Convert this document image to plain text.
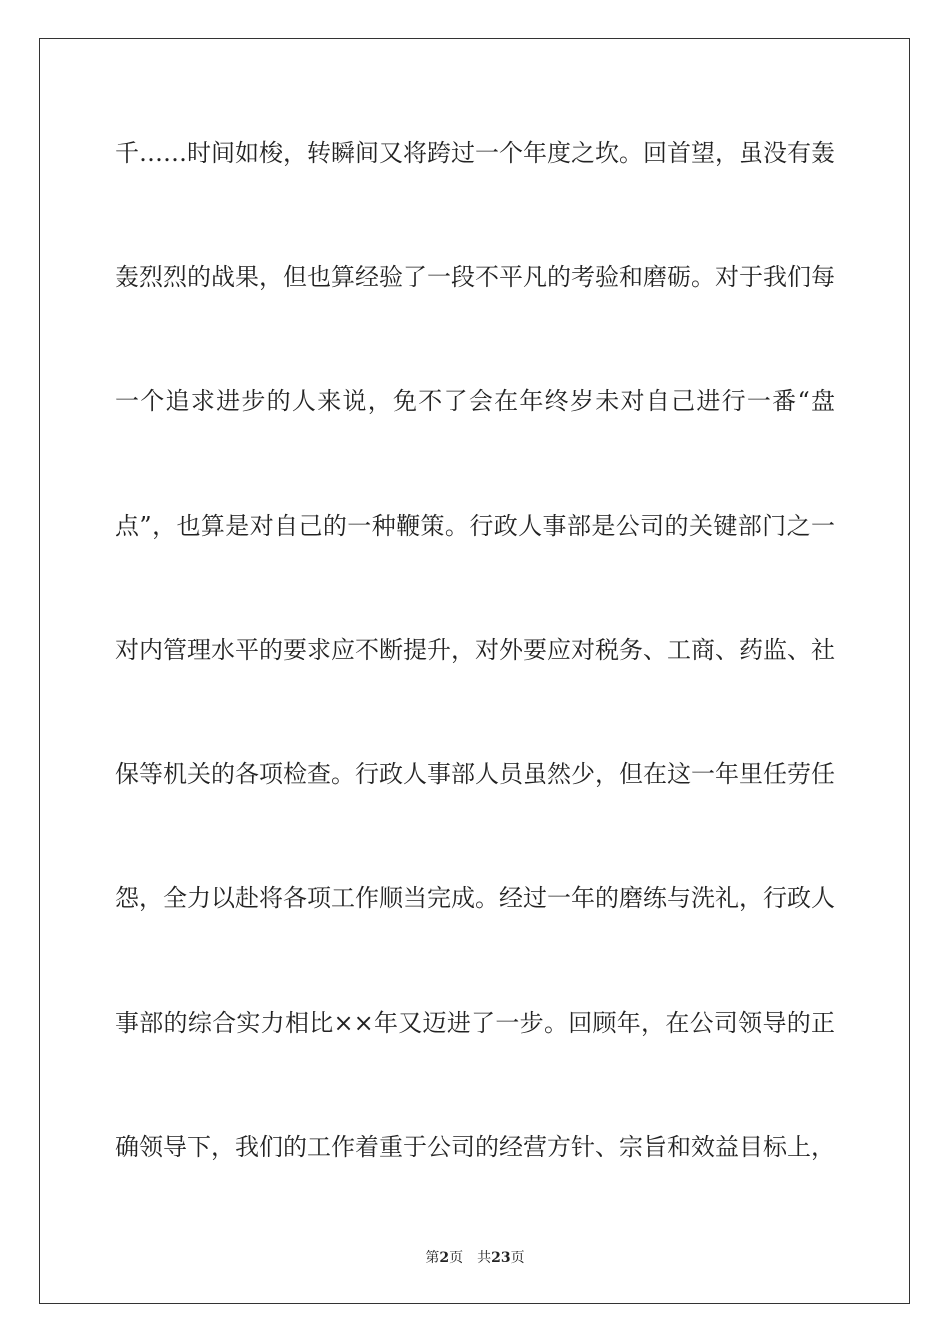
千……时间如梭，转瞬间又将跨过一个年度之坎。回首望，虽没有轰
轰烈烈的战果，但也算经验了一段不平凡的考验和磨砺。对于我们每
一个追求进步的人来说，免不了会在年终岁未对自己进行一番“盘
点”，也算是对自己的一种鞭策。行政人事部是公司的关键部门之一
对内管理水平的要求应不断提升，对外要应对税务、工商、药监、社
保等机关的各项检查。行政人事部人员虽然少，但在这一年里任劳任
怨，全力以赴将各项工作顺当完成。经过一年的磨练与洗礼，行政人
事部的综合实力相比××年又迈进了一步。回顾年，在公司领导的正
确领导下，我们的工作着重于公司的经营方针、宗旨和效益目标上，
第2页 共23页
